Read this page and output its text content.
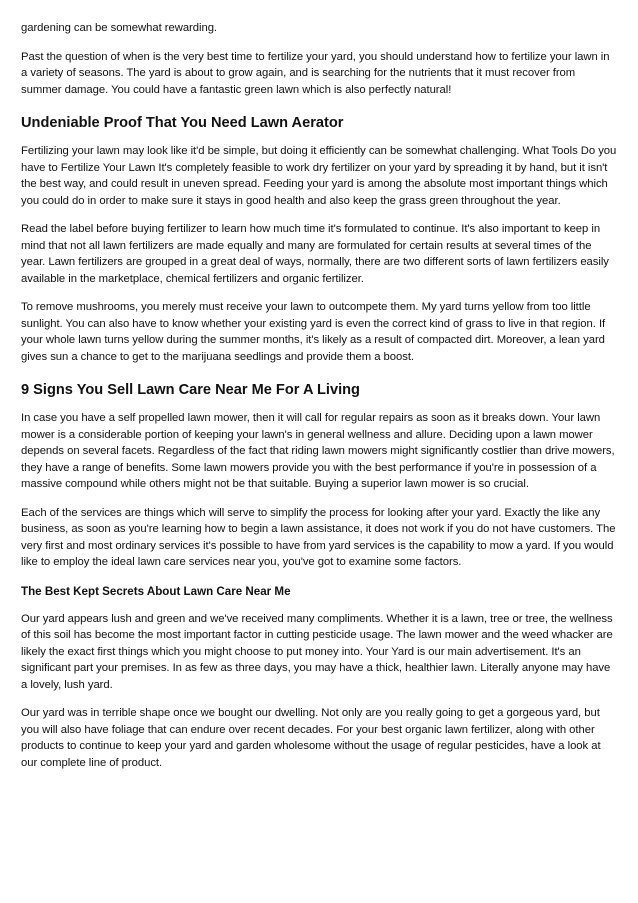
gardening can be somewhat rewarding.

Past the question of when is the very best time to fertilize your yard, you should understand how to fertilize your lawn in a variety of seasons. The yard is about to grow again, and is searching for the nutrients that it must recover from summer damage. You could have a fantastic green lawn which is also perfectly natural!

Undeniable Proof That You Need Lawn Aerator

Fertilizing your lawn may look like it'd be simple, but doing it efficiently can be somewhat challenging. What Tools Do you have to Fertilize Your Lawn It's completely feasible to work dry fertilizer on your yard by spreading it by hand, but it isn't the best way, and could result in uneven spread. Feeding your yard is among the absolute most important things which you could do in order to make sure it stays in good health and also keep the grass green throughout the year.

Read the label before buying fertilizer to learn how much time it's formulated to continue. It's also important to keep in mind that not all lawn fertilizers are made equally and many are formulated for certain results at several times of the year. Lawn fertilizers are grouped in a great deal of ways, normally, there are two different sorts of lawn fertilizers easily available in the marketplace, chemical fertilizers and organic fertilizer.

To remove mushrooms, you merely must receive your lawn to outcompete them. My yard turns yellow from too little sunlight. You can also have to know whether your existing yard is even the correct kind of grass to live in that region. If your whole lawn turns yellow during the summer months, it's likely as a result of compacted dirt. Moreover, a lean yard gives sun a chance to get to the marijuana seedlings and provide them a boost.

9 Signs You Sell Lawn Care Near Me For A Living

In case you have a self propelled lawn mower, then it will call for regular repairs as soon as it breaks down. Your lawn mower is a considerable portion of keeping your lawn's in general wellness and allure. Deciding upon a lawn mower depends on several facets. Regardless of the fact that riding lawn mowers might significantly costlier than drive mowers, they have a range of benefits. Some lawn mowers provide you with the best performance if you're in possession of a massive compound while others might not be that suitable. Buying a superior lawn mower is so crucial.

Each of the services are things which will serve to simplify the process for looking after your yard. Exactly the like any business, as soon as you're learning how to begin a lawn assistance, it does not work if you do not have customers. The very first and most ordinary services it's possible to have from yard services is the capability to mow a yard. If you would like to employ the ideal lawn care services near you, you've got to examine some factors.

The Best Kept Secrets About Lawn Care Near Me

Our yard appears lush and green and we've received many compliments. Whether it is a lawn, tree or tree, the wellness of this soil has become the most important factor in cutting pesticide usage. The lawn mower and the weed whacker are likely the exact first things which you might choose to put money into. Your Yard is our main advertisement. It's an significant part your premises. In as few as three days, you may have a thick, healthier lawn. Literally anyone may have a lovely, lush yard.

Our yard was in terrible shape once we bought our dwelling. Not only are you really going to get a gorgeous yard, but you will also have foliage that can endure over recent decades. For your best organic lawn fertilizer, along with other products to continue to keep your yard and garden wholesome without the usage of regular pesticides, have a look at our complete line of product.
